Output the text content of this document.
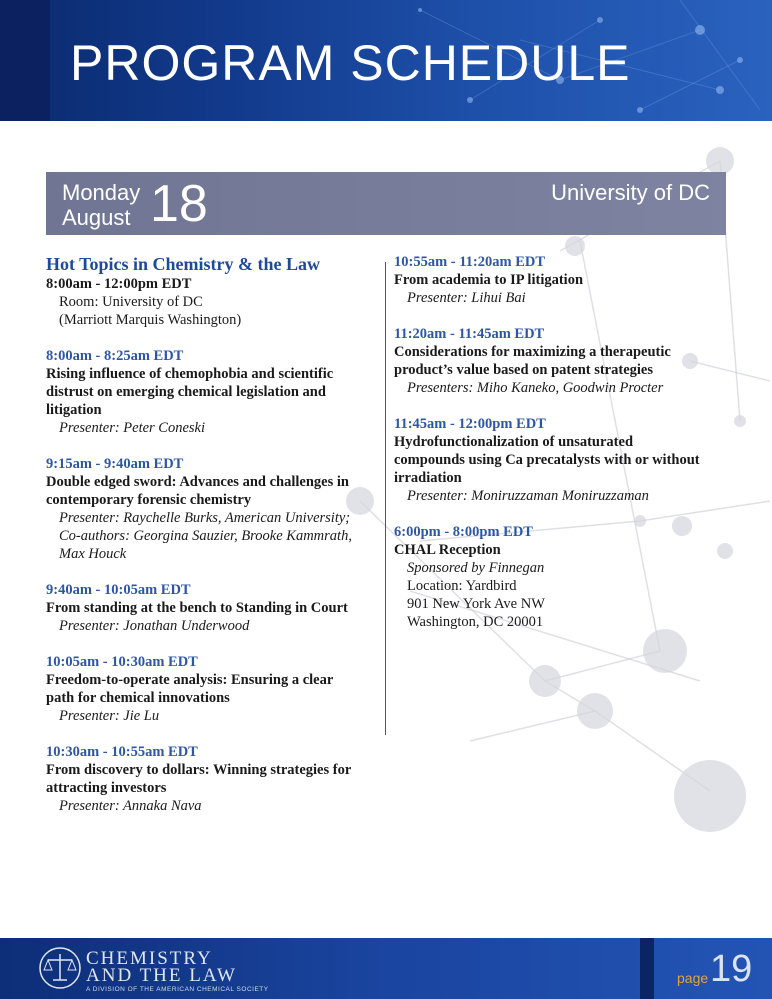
PROGRAM SCHEDULE
Monday
August 18	University of DC

Hot Topics in Chemistry & the Law

8:00am - 12:00pm EDT

Room: University of DC

(Marriott Marquis Washington)

8:00am - 8:25am EDT

Rising influence of chemophobia and scientific

distrust on emerging chemical legislation and

litigation

Presenter: Peter Coneski

9:15am - 9:40am EDT

Double edged sword: Advances and challenges in

contemporary forensic chemistry

Presenter: Raychelle Burks, American University;

Co-authors: Georgina Sauzier, Brooke Kammrath,

Max Houck

9:40am - 10:05am EDT

From standing at the bench to Standing in Court

Presenter: Jonathan Underwood

10:05am - 10:30am EDT

Freedom-to-operate analysis: Ensuring a clear

path for chemical innovations

Presenter: Jie Lu

10:30am - 10:55am EDT

From discovery to dollars: Winning strategies for

attracting investors

Presenter: Annaka Nava

10:55am - 11:20am EDT

From academia to IP litigation

Presenter: Lihui Bai

11:20am - 11:45am EDT

Considerations for maximizing a therapeutic

product’s value based on patent strategies

Presenters: Miho Kaneko, Goodwin Procter

11:45am - 12:00pm EDT

Hydrofunctionalization of unsaturated

compounds using Ca precatalysts with or without

irradiation

Presenter: Moniruzzaman Moniruzzaman

6:00pm - 8:00pm EDT

CHAL Reception

Sponsored by Finnegan

Location: Yardbird

901 New York Ave NW

Washington, DC 20001

CHEMISTRY
AND THE LAW
A DIVISION OF THE AMERICAN CHEMICAL SOCIETY
page 19
